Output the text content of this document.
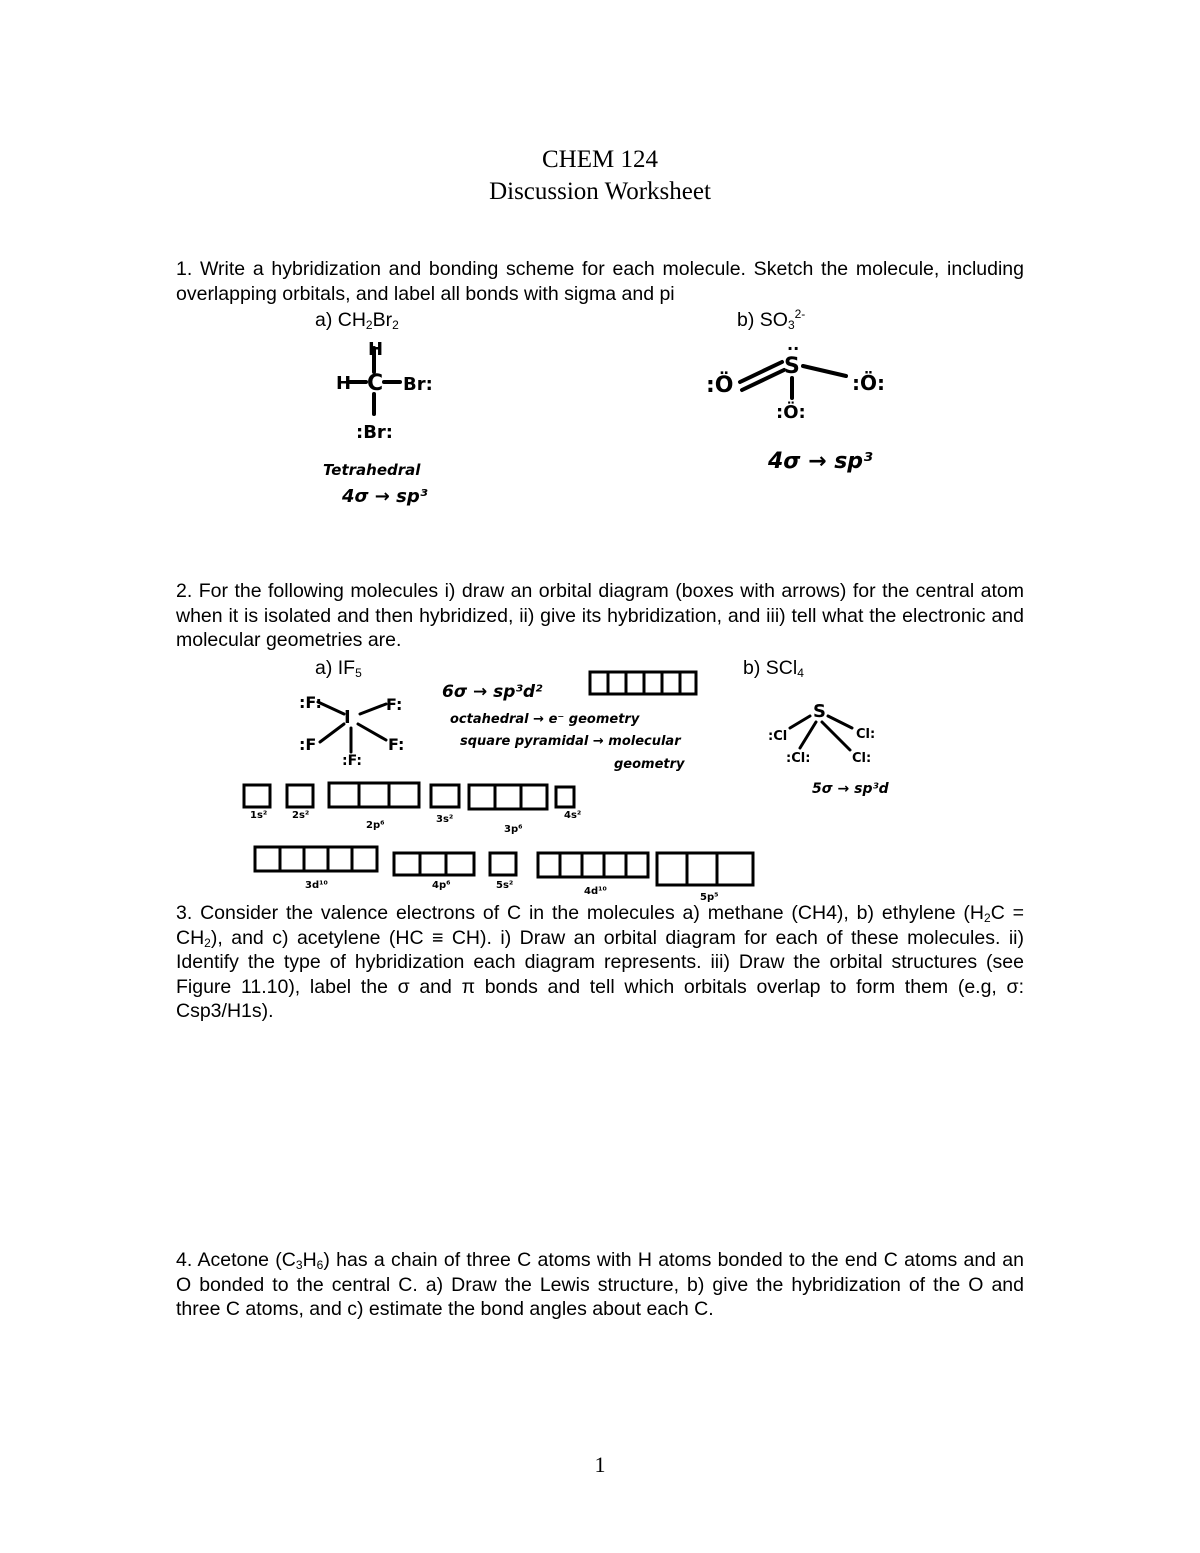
CHEM 124
Discussion Worksheet

1. Write a hybridization and bonding scheme for each molecule. Sketch the molecule, including overlapping orbitals, and label all bonds with sigma and pi

a) $CH_2Br_2$	b) $SO_3^{2-}$
H
H C Br:
:Br:
Tetrahedral
4σ → sp³
S
..
:Ö	:Ö:
:Ö:
4σ → sp³
:F:
I
F:
:F	F:
:F:
6σ → sp³d²
octahedral → e⁻ geometry
square pyramidal → molecular
geometry
1s² 2s²
2p⁶
3s²
3p⁶
4s²
3d¹⁰	4p⁶	5s²
4d¹⁰
5p⁵
S
:Cl	Cl:
:Cl:	Cl:
5σ → sp³d

2. For the following molecules i) draw an orbital diagram (boxes with arrows) for the central atom when it is isolated and then hybridized, ii) give its hybridization, and iii) tell what the electronic and molecular geometries are.

a) $IF_5$	b) SCl$_4$

3. Consider the valence electrons of C in the molecules a) methane (CH4), b) ethylene $(H_2C = CH_2)$, and c) acetylene (HC ≡ CH). i) Draw an orbital diagram for each of these molecules. ii) Identify the type of hybridization each diagram represents. iii) Draw the orbital structures (see Figure 11.10), label the σ and π bonds and tell which orbitals overlap to form them (e.g, σ: Csp3/H1s).

4. Acetone $(C_3H_6)$ has a chain of three C atoms with H atoms bonded to the end C atoms and an O bonded to the central C. a) Draw the Lewis structure, b) give the hybridization of the O and three C atoms, and c) estimate the bond angles about each C.

1
